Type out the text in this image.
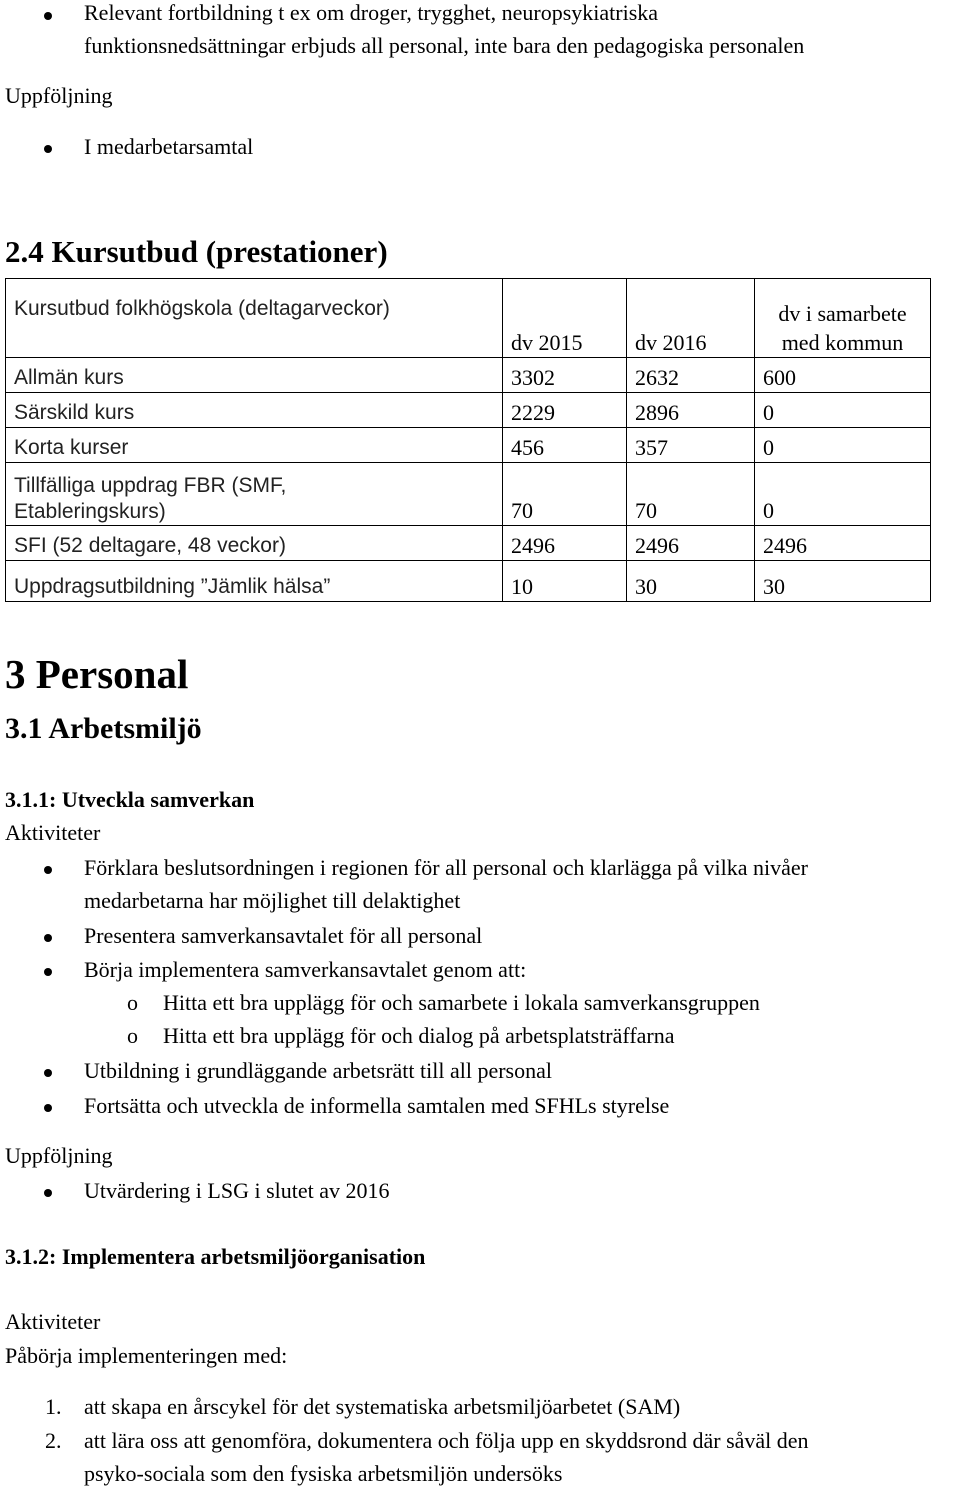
Relevant fortbildning t ex om droger, trygghet, neuropsykiatriska
funktionsnedsättningar erbjuds all personal, inte bara den pedagogiska personalen
Uppföljning
I medarbetarsamtal
2.4 Kursutbud (prestationer)
Kursutbud folkhögskola (deltagarveckor)	dv 2015	dv 2016	dv i samarbete
med kommun
Allmän kurs	3302	2632	600
Särskild kurs	2229	2896	0
Korta kurser	456	357	0
Tillfälliga uppdrag FBR (SMF, Etableringskurs)	70	70	0
SFI (52 deltagare, 48 veckor)	2496	2496	2496
Uppdragsutbildning ”Jämlik hälsa”	10	30	30
3 Personal
3.1 Arbetsmiljö
3.1.1: Utveckla samverkan
Aktiviteter
Förklara beslutsordningen i regionen för all personal och klarlägga på vilka nivåer
medarbetarna har möjlighet till delaktighet
Presentera samverkansavtalet för all personal
Börja implementera samverkansavtalet genom att:
o Hitta ett bra upplägg för och samarbete i lokala samverkansgruppen
o Hitta ett bra upplägg för och dialog på arbetsplatsträffarna
Utbildning i grundläggande arbetsrätt till all personal
Fortsätta och utveckla de informella samtalen med SFHLs styrelse
Uppföljning
Utvärdering i LSG i slutet av 2016
3.1.2: Implementera arbetsmiljöorganisation
Aktiviteter
Påbörja implementeringen med:
1. att skapa en årscykel för det systematiska arbetsmiljöarbetet (SAM)
2. att lära oss att genomföra, dokumentera och följa upp en skyddsrond där såväl den
psyko-sociala som den fysiska arbetsmiljön undersöks
